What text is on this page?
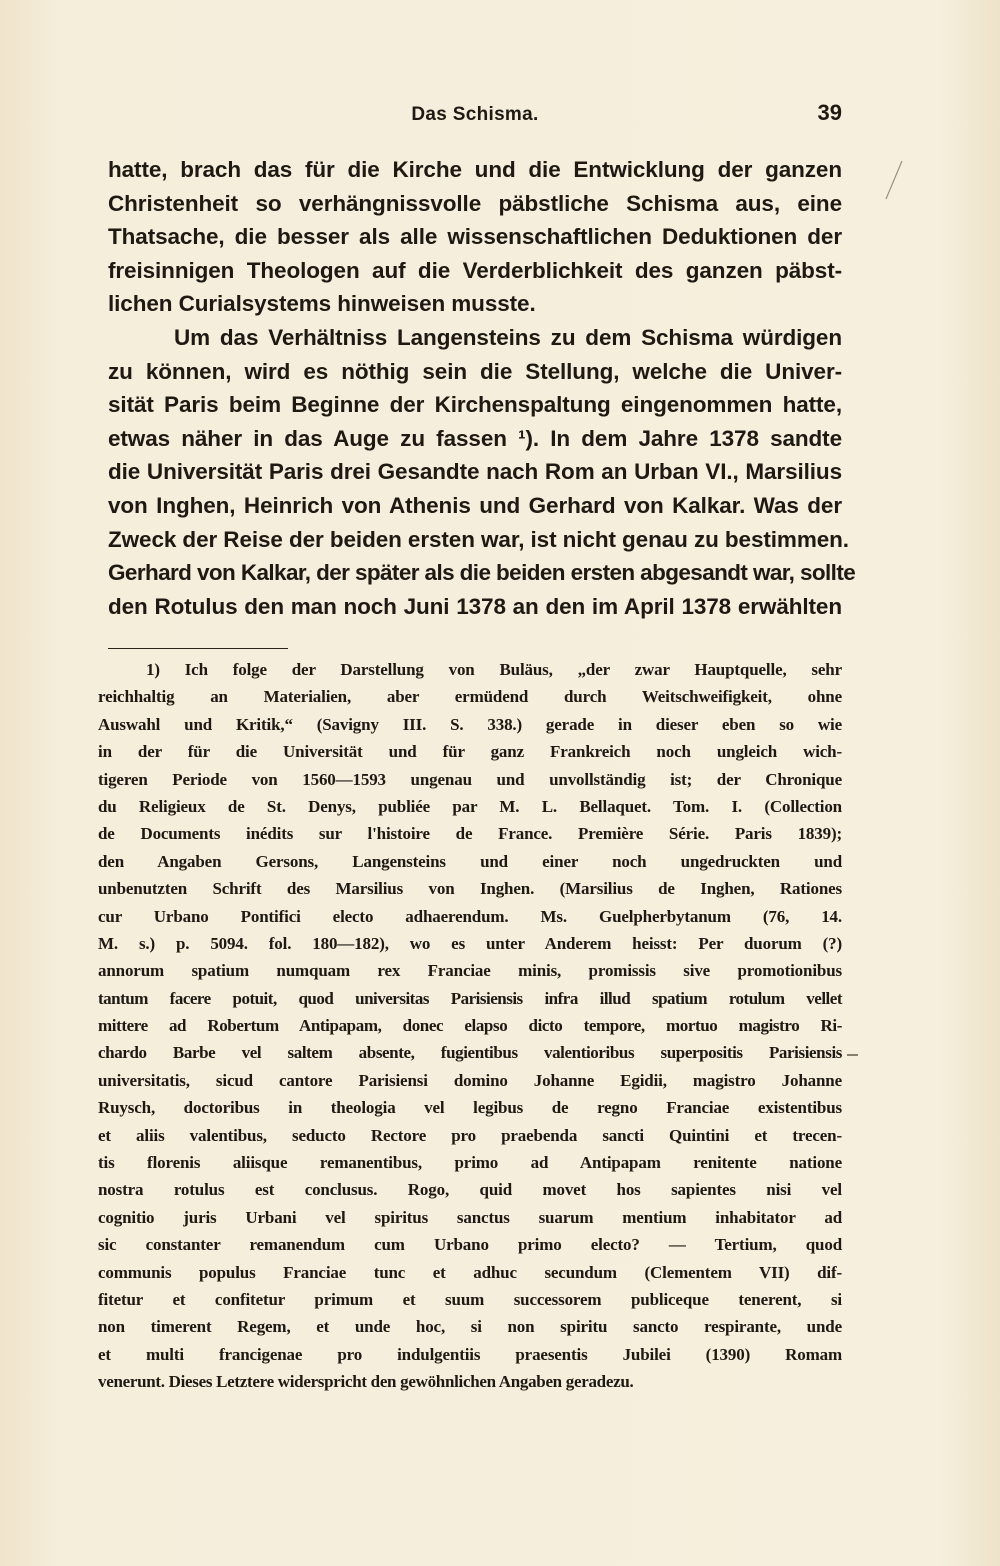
Das Schisma.	39
hatte, brach das für die Kirche und die Entwicklung der ganzen
Christenheit so verhängnissvolle päbstliche Schisma aus, eine
Thatsache, die besser als alle wissenschaftlichen Deduktionen der
freisinnigen Theologen auf die Verderblichkeit des ganzen päbst-
lichen Curialsystems hinweisen musste.
Um das Verhältniss Langensteins zu dem Schisma würdigen
zu können, wird es nöthig sein die Stellung, welche die Univer-
sität Paris beim Beginne der Kirchenspaltung eingenommen hatte,
etwas näher in das Auge zu fassen ¹). In dem Jahre 1378 sandte
die Universität Paris drei Gesandte nach Rom an Urban VI., Marsilius
von Inghen, Heinrich von Athenis und Gerhard von Kalkar. Was der
Zweck der Reise der beiden ersten war, ist nicht genau zu bestimmen.
Gerhard von Kalkar, der später als die beiden ersten abgesandt war, sollte
den Rotulus den man noch Juni 1378 an den im April 1378 erwählten
1) Ich folge der Darstellung von Buläus, „der zwar Hauptquelle, sehr
reichhaltig an Materialien, aber ermüdend durch Weitschweifigkeit, ohne
Auswahl und Kritik,“ (Savigny III. S. 338.) gerade in dieser eben so wie
in der für die Universität und für ganz Frankreich noch ungleich wich-
tigeren Periode von 1560—1593 ungenau und unvollständig ist; der Chronique
du Religieux de St. Denys, publiée par M. L. Bellaquet. Tom. I. (Collection
de Documents inédits sur l'histoire de France. Première Série. Paris 1839);
den Angaben Gersons, Langensteins und einer noch ungedruckten und
unbenutzten Schrift des Marsilius von Inghen. (Marsilius de Inghen, Rationes
cur Urbano Pontifici electo adhaerendum. Ms. Guelpherbytanum (76, 14.
M. s.) p. 5094. fol. 180—182), wo es unter Anderem heisst: Per duorum (?)
annorum spatium numquam rex Franciae minis, promissis sive promotionibus
tantum facere potuit, quod universitas Parisiensis infra illud spatium rotulum vellet
mittere ad Robertum Antipapam, donec elapso dicto tempore, mortuo magistro Ri-
chardo Barbe vel saltem absente, fugientibus valentioribus superpositis Parisiensis
universitatis, sicud cantore Parisiensi domino Johanne Egidii, magistro Johanne
Ruysch, doctoribus in theologia vel legibus de regno Franciae existentibus
et aliis valentibus, seducto Rectore pro praebenda sancti Quintini et trecen-
tis florenis aliisque remanentibus, primo ad Antipapam renitente natione
nostra rotulus est conclusus. Rogo, quid movet hos sapientes nisi vel
cognitio juris Urbani vel spiritus sanctus suarum mentium inhabitator ad
sic constanter remanendum cum Urbano primo electo? — Tertium, quod
communis populus Franciae tunc et adhuc secundum (Clementem VII) dif-
fitetur et confitetur primum et suum successorem publiceque tenerent, si
non timerent Regem, et unde hoc, si non spiritu sancto respirante, unde
et multi francigenae pro indulgentiis praesentis Jubilei (1390) Romam
venerunt. Dieses Letztere widerspricht den gewöhnlichen Angaben geradezu.
